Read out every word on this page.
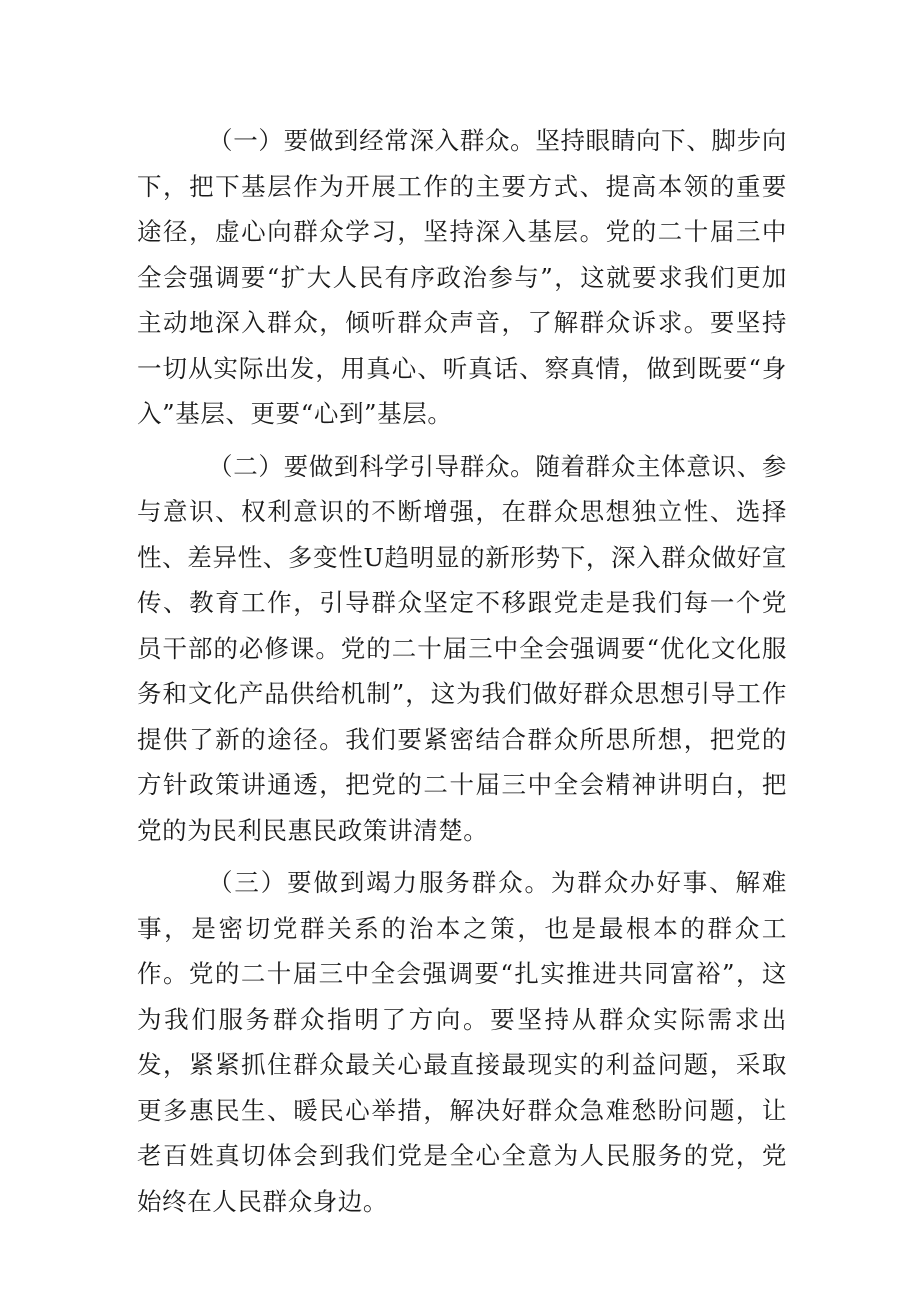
（一）要做到经常深入群众。坚持眼睛向下、脚步向下，把下基层作为开展工作的主要方式、提高本领的重要途径，虚心向群众学习，坚持深入基层。党的二十届三中全会强调要“扩大人民有序政治参与”，这就要求我们更加主动地深入群众，倾听群众声音，了解群众诉求。要坚持一切从实际出发，用真心、听真话、察真情，做到既要“身入”基层、更要“心到”基层。

（二）要做到科学引导群众。随着群众主体意识、参与意识、权利意识的不断增强，在群众思想独立性、选择性、差异性、多变性U趋明显的新形势下，深入群众做好宣传、教育工作，引导群众坚定不移跟党走是我们每一个党员干部的必修课。党的二十届三中全会强调要“优化文化服务和文化产品供给机制”，这为我们做好群众思想引导工作提供了新的途径。我们要紧密结合群众所思所想，把党的方针政策讲通透，把党的二十届三中全会精神讲明白，把党的为民利民惠民政策讲清楚。

（三）要做到竭力服务群众。为群众办好事、解难事，是密切党群关系的治本之策，也是最根本的群众工作。党的二十届三中全会强调要“扎实推进共同富裕”，这为我们服务群众指明了方向。要坚持从群众实际需求出发，紧紧抓住群众最关心最直接最现实的利益问题，采取更多惠民生、暖民心举措，解决好群众急难愁盼问题，让老百姓真切体会到我们党是全心全意为人民服务的党，党始终在人民群众身边。
